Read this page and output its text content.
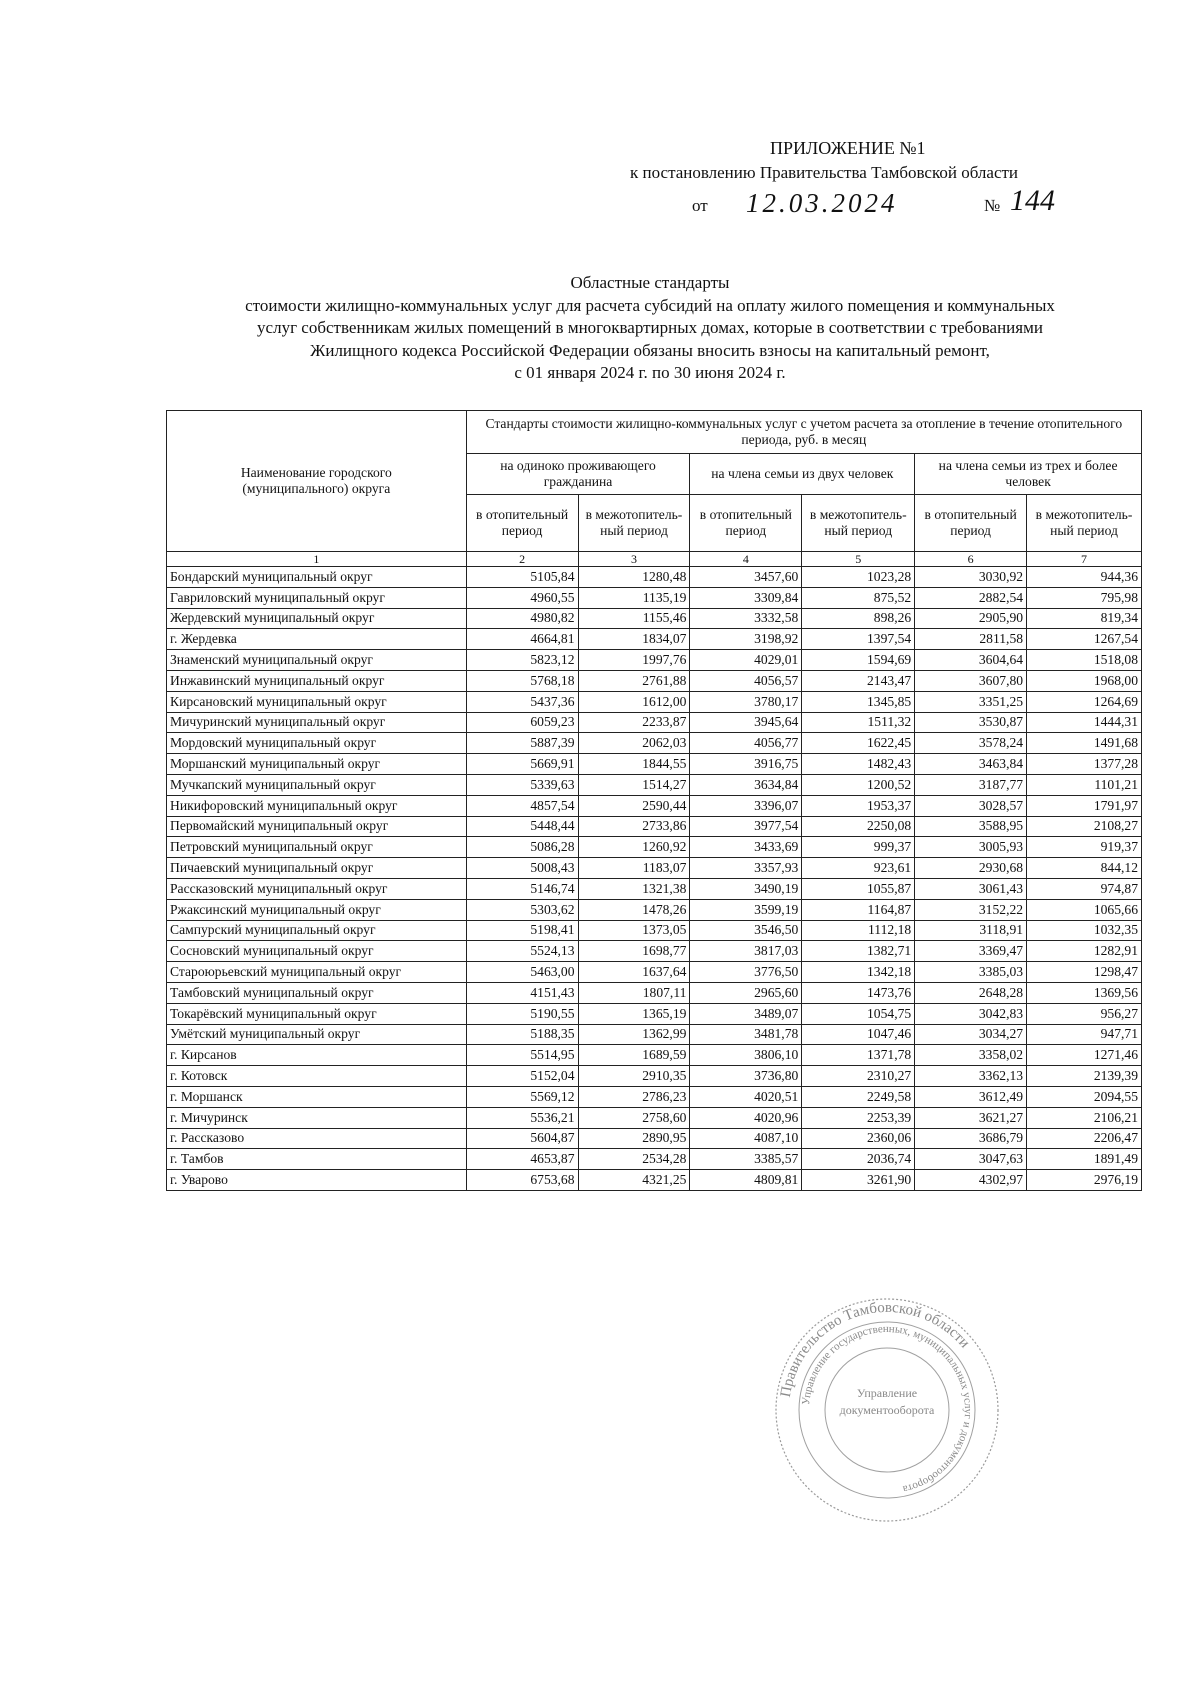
ПРИЛОЖЕНИЕ №1
к постановлению Правительства Тамбовской области
от 12.03.2024	№ 144
Областные стандарты
стоимости жилищно-коммунальных услуг для расчета субсидий на оплату жилого помещения и коммунальных
услуг собственникам жилых помещений в многоквартирных домах, которые в соответствии с требованиями
Жилищного кодекса Российской Федерации обязаны вносить взносы на капитальный ремонт,
с 01 января 2024 г. по 30 июня 2024 г.
Наименование городского (муниципального) округа	Стандарты стоимости жилищно-коммунальных услуг с учетом расчета за отопление в течение отопительного периода, руб. в месяц					
	на одиноко проживающего гражданина		на члена семьи из двух человек		на члена семьи из трех и более человек	
	в отопительный период	в межотопитель-ный период	в отопительный период	в межотопитель-ный период	в отопительный период	в межотопитель-ный период
1	2	3	4	5	6	7
Бондарский муниципальный округ	5105,84	1280,48	3457,60	1023,28	3030,92	944,36
Гавриловский муниципальный округ	4960,55	1135,19	3309,84	875,52	2882,54	795,98
Жердевский муниципальный округ	4980,82	1155,46	3332,58	898,26	2905,90	819,34
г. Жердевка	4664,81	1834,07	3198,92	1397,54	2811,58	1267,54
Знаменский муниципальный округ	5823,12	1997,76	4029,01	1594,69	3604,64	1518,08
Инжавинский муниципальный округ	5768,18	2761,88	4056,57	2143,47	3607,80	1968,00
Кирсановский муниципальный округ	5437,36	1612,00	3780,17	1345,85	3351,25	1264,69
Мичуринский муниципальный округ	6059,23	2233,87	3945,64	1511,32	3530,87	1444,31
Мордовский муниципальный округ	5887,39	2062,03	4056,77	1622,45	3578,24	1491,68
Моршанский муниципальный округ	5669,91	1844,55	3916,75	1482,43	3463,84	1377,28
Мучкапский муниципальный округ	5339,63	1514,27	3634,84	1200,52	3187,77	1101,21
Никифоровский муниципальный округ	4857,54	2590,44	3396,07	1953,37	3028,57	1791,97
Первомайский муниципальный округ	5448,44	2733,86	3977,54	2250,08	3588,95	2108,27
Петровский муниципальный округ	5086,28	1260,92	3433,69	999,37	3005,93	919,37
Пичаевский муниципальный округ	5008,43	1183,07	3357,93	923,61	2930,68	844,12
Рассказовский муниципальный округ	5146,74	1321,38	3490,19	1055,87	3061,43	974,87
Ржаксинский муниципальный округ	5303,62	1478,26	3599,19	1164,87	3152,22	1065,66
Сампурский муниципальный округ	5198,41	1373,05	3546,50	1112,18	3118,91	1032,35
Сосновский муниципальный округ	5524,13	1698,77	3817,03	1382,71	3369,47	1282,91
Староюрьевский муниципальный округ	5463,00	1637,64	3776,50	1342,18	3385,03	1298,47
Тамбовский муниципальный округ	4151,43	1807,11	2965,60	1473,76	2648,28	1369,56
Токарёвский муниципальный округ	5190,55	1365,19	3489,07	1054,75	3042,83	956,27
Умётский муниципальный округ	5188,35	1362,99	3481,78	1047,46	3034,27	947,71
г. Кирсанов	5514,95	1689,59	3806,10	1371,78	3358,02	1271,46
г. Котовск	5152,04	2910,35	3736,80	2310,27	3362,13	2139,39
г. Моршанск	5569,12	2786,23	4020,51	2249,58	3612,49	2094,55
г. Мичуринск	5536,21	2758,60	4020,96	2253,39	3621,27	2106,21
г. Рассказово	5604,87	2890,95	4087,10	2360,06	3686,79	2206,47
г. Тамбов	4653,87	2534,28	3385,57	2036,74	3047,63	1891,49
г. Уварово	6753,68	4321,25	4809,81	3261,90	4302,97	2976,19
Правительство Тамбовской области
Управление государственных, муниципальных услуг и документооборота
Управление
документооборота
